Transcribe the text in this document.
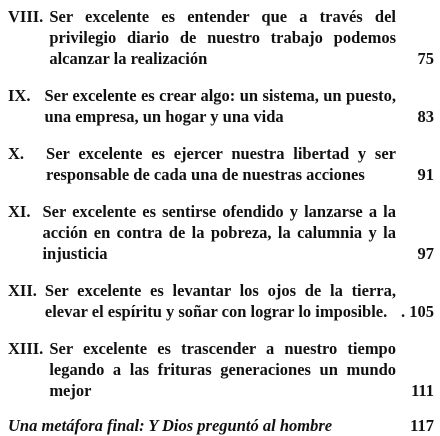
VIII. Ser excelente es entender que a través del privilegio diario de nuestro trabajo podemos alcanzar la realización	75
IX. Ser excelente es crear algo: un sistema, un puesto, una empresa, un hogar y una vida	83
X.	Ser excelente es ejercer nuestra libertad y ser responsable de cada una de nuestras acciones	91
XI. Ser excelente es sentirse ofendido y lanzarse a la acción en contra de la pobreza, la calumnia y la injusticia	97
XII. Ser excelente es levantar los ojos de la tierra, elevar el espíritu y soñar con lograr lo imposible. . 105
XIII. Ser excelente es trascender a nuestro tiempo legando a las frituras generaciones un mundo mejor	111
Una metáfora final: Y Dios preguntó al hombre	117
